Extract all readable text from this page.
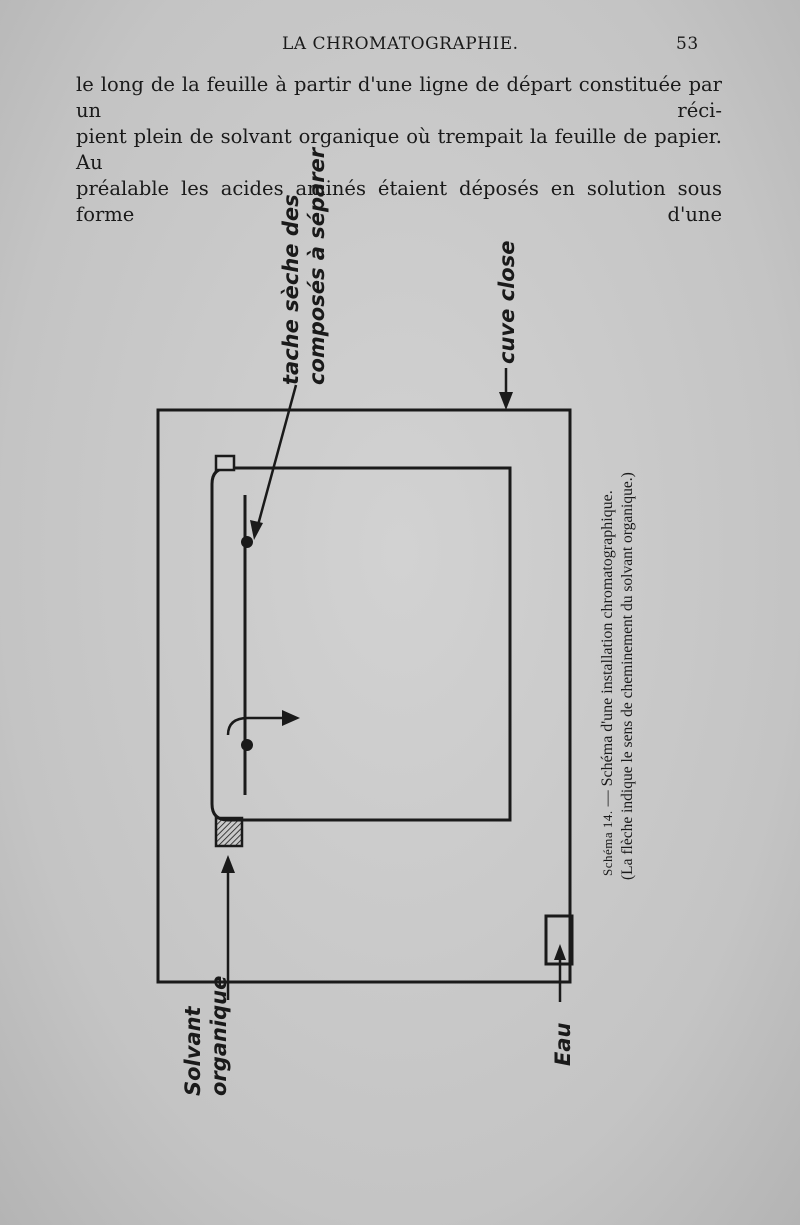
LA CHROMATOGRAPHIE.	53

le long de la feuille à partir d'une ligne de départ constituée par un réci-
pient plein de solvant organique où trempait la feuille de papier. Au
préalable les acides aminés étaient déposés en solution sous forme d'une

tache sèche des composés à séparer	cuve close
Solvant organique	Eau
Schéma 14. — Schéma d'une installation chromatographique. (La flèche indique le sens de cheminement du solvant organique.)
